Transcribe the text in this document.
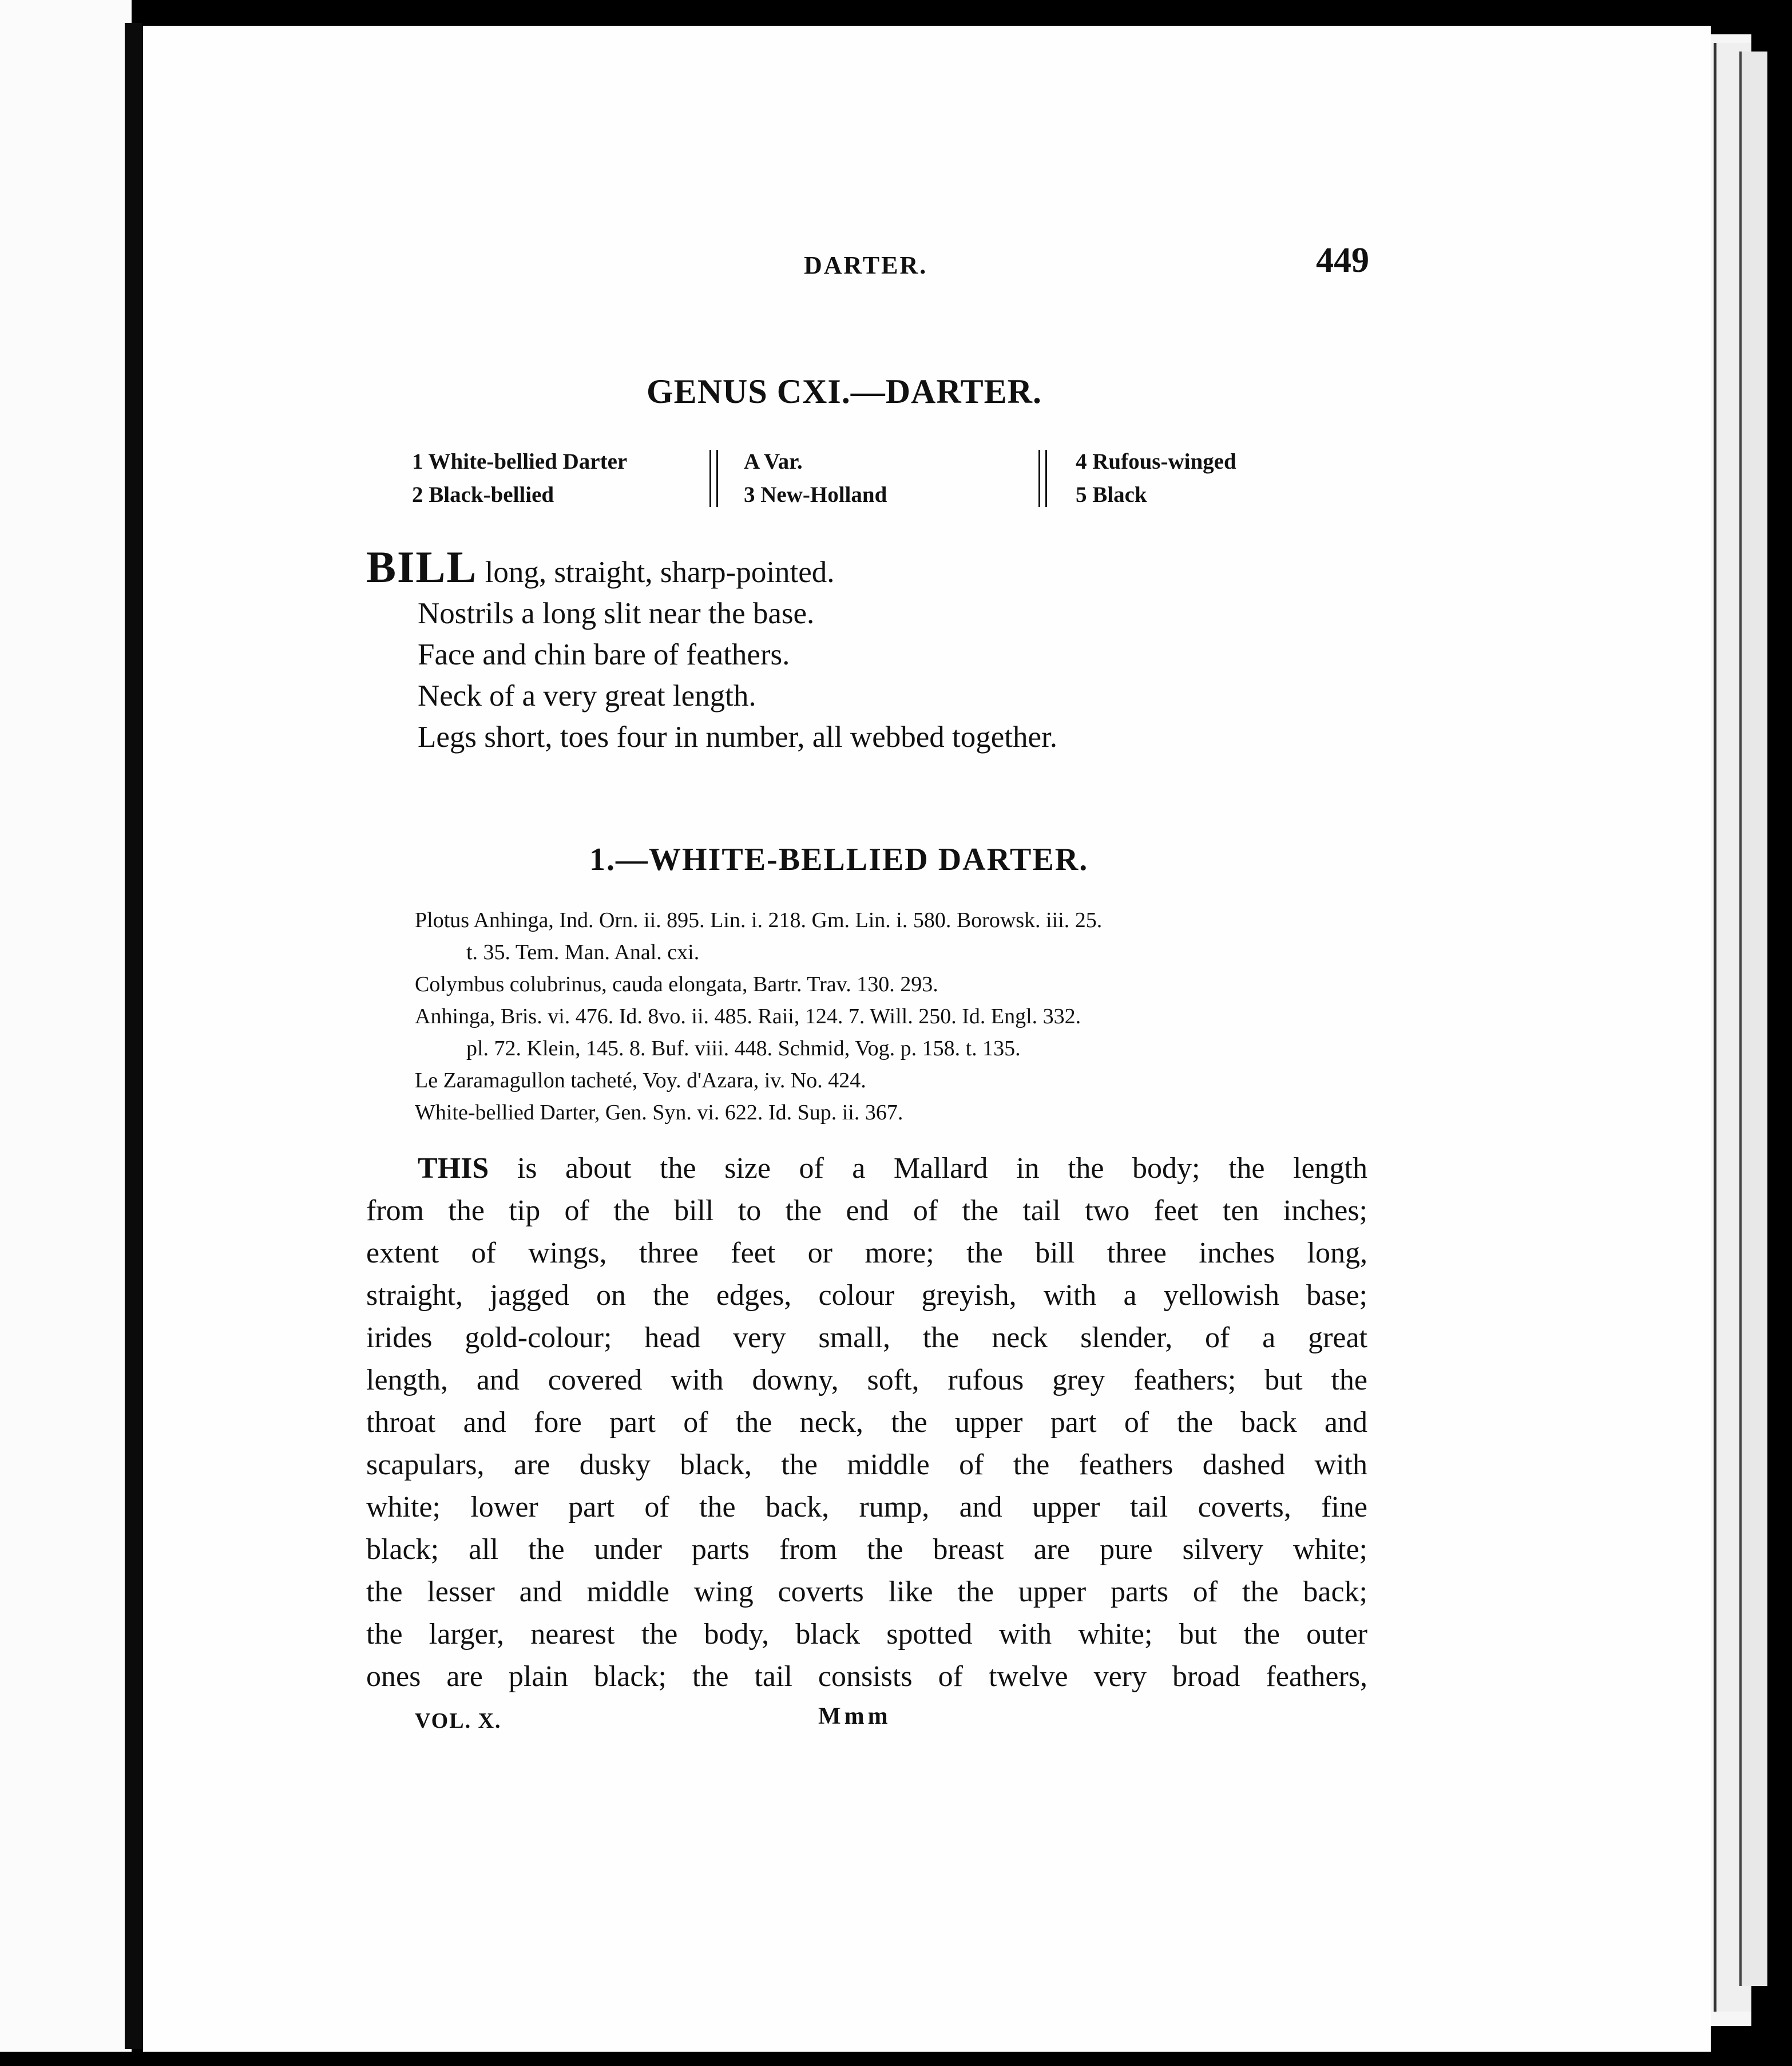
DARTER.	449
GENUS CXI.—DARTER.
1 White-bellied Darter
2 Black-bellied
A Var.
3 New-Holland
4 Rufous-winged
5 Black
BILL long, straight, sharp-pointed.
Nostrils a long slit near the base.
Face and chin bare of feathers.
Neck of a very great length.
Legs short, toes four in number, all webbed together.
1.—WHITE-BELLIED DARTER.
Plotus Anhinga, Ind. Orn. ii. 895. Lin. i. 218. Gm. Lin. i. 580. Borowsk. iii. 25.
t. 35. Tem. Man. Anal. cxi.
Colymbus colubrinus, cauda elongata, Bartr. Trav. 130. 293.
Anhinga, Bris. vi. 476. Id. 8vo. ii. 485. Raii, 124. 7. Will. 250. Id. Engl. 332.
pl. 72. Klein, 145. 8. Buf. viii. 448. Schmid, Vog. p. 158. t. 135.
Le Zaramagullon tacheté, Voy. d'Azara, iv. No. 424.
White-bellied Darter, Gen. Syn. vi. 622. Id. Sup. ii. 367.
THIS is about the size of a Mallard in the body; the length
from the tip of the bill to the end of the tail two feet ten inches;
extent of wings, three feet or more; the bill three inches long,
straight, jagged on the edges, colour greyish, with a yellowish base;
irides gold-colour; head very small, the neck slender, of a great
length, and covered with downy, soft, rufous grey feathers; but the
throat and fore part of the neck, the upper part of the back and
scapulars, are dusky black, the middle of the feathers dashed with
white; lower part of the back, rump, and upper tail coverts, fine
black; all the under parts from the breast are pure silvery white;
the lesser and middle wing coverts like the upper parts of the back;
the larger, nearest the body, black spotted with white; but the outer
ones are plain black; the tail consists of twelve very broad feathers,
VOL. X.	Mmm
